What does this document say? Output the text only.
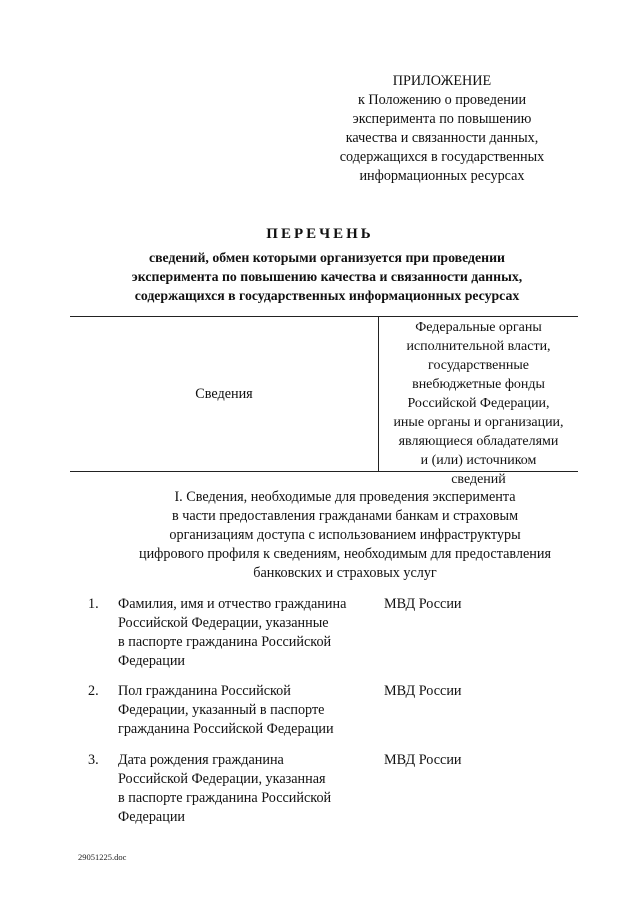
ПРИЛОЖЕНИЕ
к Положению о проведении
эксперимента по повышению
качества и связанности данных,
содержащихся в государственных
информационных ресурсах
ПЕРЕЧЕНЬ
сведений, обмен которыми организуется при проведении
эксперимента по повышению качества и связанности данных,
содержащихся в государственных информационных ресурсах
Сведения
Федеральные органы
исполнительной власти,
государственные
внебюджетные фонды
Российской Федерации,
иные органы и организации,
являющиеся обладателями
и (или) источником
сведений
I. Сведения, необходимые для проведения эксперимента
в части предоставления гражданами банкам и страховым
организациям доступа с использованием инфраструктуры
цифрового профиля к сведениям, необходимым для предоставления
банковских и страховых услуг
1. Фамилия, имя и отчество гражданина
Российской Федерации, указанные
в паспорте гражданина Российской
Федерации
МВД России
2. Пол гражданина Российской
Федерации, указанный в паспорте
гражданина Российской Федерации
МВД России
3. Дата рождения гражданина
Российской Федерации, указанная
в паспорте гражданина Российской
Федерации
МВД России
29051225.doc
